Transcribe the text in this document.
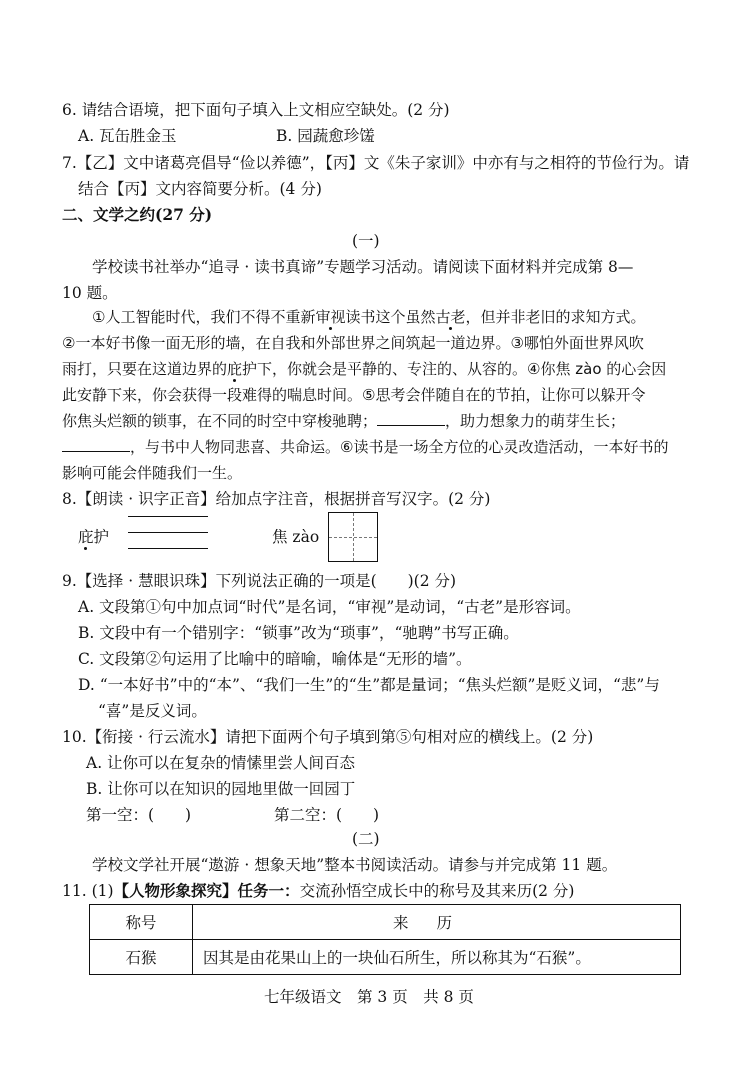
6. 请结合语境，把下面句子填入上文相应空缺处。(2 分)
A. 瓦缶胜金玉	B. 园蔬愈珍馐
7.【乙】文中诸葛亮倡导“俭以养德”，【丙】文《朱子家训》中亦有与之相符的节俭行为。请
结合【丙】文内容简要分析。(4 分)
二、文学之约(27 分)
(一)
学校读书社举办“追寻 · 读书真谛”专题学习活动。请阅读下面材料并完成第 8—
10 题。
①人工智能时代，我们不得不重新审视读书这个虽然古老，但并非老旧的求知方式。
②一本好书像一面无形的墙，在自我和外部世界之间筑起一道边界。③哪怕外面世界风吹
雨打，只要在这道边界的庇护下，你就会是平静的、专注的、从容的。④你焦 zào 的心会因
此安静下来，你会获得一段难得的喘息时间。⑤思考会伴随自在的节拍，让你可以躲开令
你焦头烂额的锁事，在不同的时空中穿梭驰聘；	，助力想象力的萌芽生长；
，与书中人物同悲喜、共命运。⑥读书是一场全方位的心灵改造活动，一本好书的
影响可能会伴随我们一生。
8.【朗读 · 识字正音】给加点字注音，根据拼音写汉字。(2 分)
庇护	焦 zào
9.【选择 · 慧眼识珠】下列说法正确的一项是(　　)(2 分)
A. 文段第①句中加点词“时代”是名词，“审视”是动词，“古老”是形容词。
B. 文段中有一个错别字：“锁事”改为“琐事”，“驰聘”书写正确。
C. 文段第②句运用了比喻中的暗喻，喻体是“无形的墙”。
D. “一本好书”中的“本”、“我们一生”的“生”都是量词；“焦头烂额”是贬义词，“悲”与
“喜”是反义词。
10.【衔接 · 行云流水】请把下面两个句子填到第⑤句相对应的横线上。(2 分)
A. 让你可以在复杂的情愫里尝人间百态
B. 让你可以在知识的园地里做一回园丁
第一空：(　　)	第二空：(　　)
(二)
学校文学社开展“遨游 · 想象天地”整本书阅读活动。请参与并完成第 11 题。
11. (1)【人物形象探究】任务一：交流孙悟空成长中的称号及其来历(2 分)
称号	来历
石猴	因其是由花果山上的一块仙石所生，所以称其为“石猴”。
七年级语文　第 3 页　共 8 页
